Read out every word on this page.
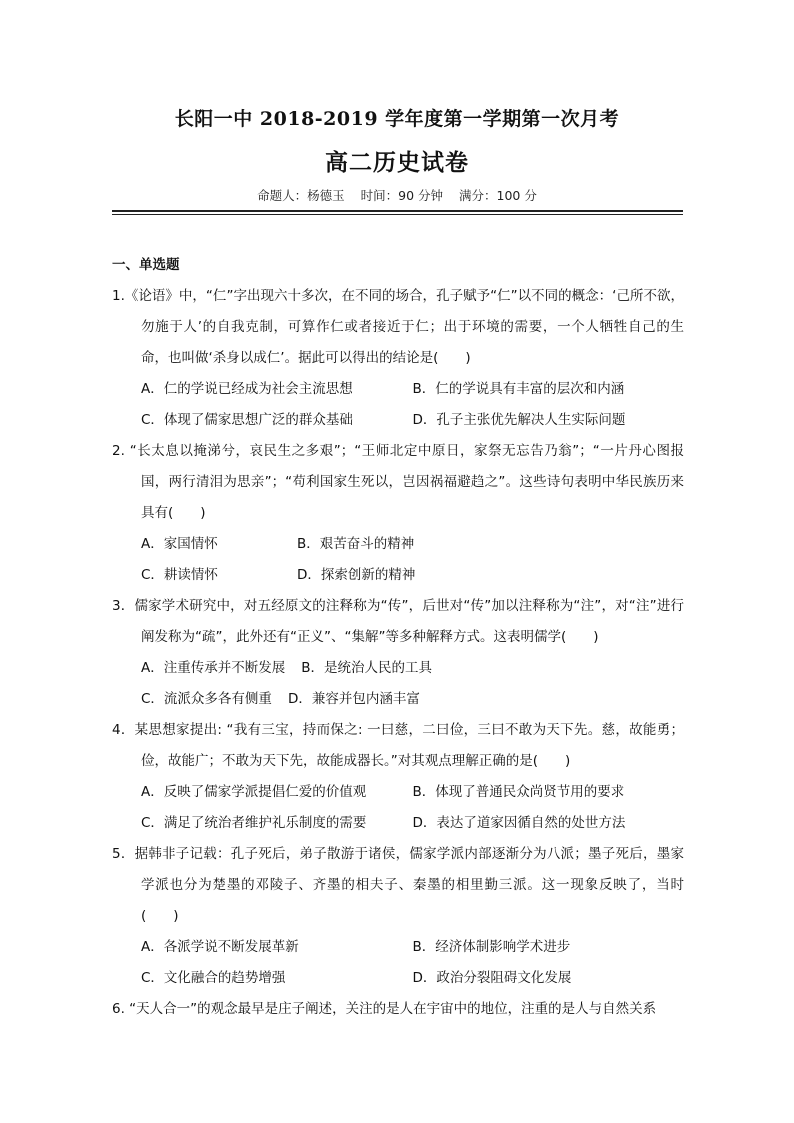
长阳一中 2018-2019 学年度第一学期第一次月考
高二历史试卷
命题人：杨德玉 时间：90 分钟 满分：100 分
一、单选题
1.《论语》中，“仁”字出现六十多次，在不同的场合，孔子赋予“仁”以不同的概念：‘己所不欲，勿施于人’的自我克制，可算作仁或者接近于仁；出于环境的需要，一个人牺牲自己的生命，也叫做‘杀身以成仁’。据此可以得出的结论是(　　)
A．仁的学说已经成为社会主流思想	B．仁的学说具有丰富的层次和内涵
C．体现了儒家思想广泛的群众基础	D．孔子主张优先解决人生实际问题
2. “长太息以掩涕兮，哀民生之多艰”；“王师北定中原日，家祭无忘告乃翁”；“一片丹心图报国，两行清泪为思亲”；“苟利国家生死以，岂因祸福避趋之”。这些诗句表明中华民族历来具有(　　)
A．家国情怀	B．艰苦奋斗的精神
C．耕读情怀	D．探索创新的精神
3．儒家学术研究中，对五经原文的注释称为“传”，后世对“传”加以注释称为“注”，对“注”进行阐发称为“疏”，此外还有“正义”、“集解”等多种解释方式。这表明儒学(　　)
A．注重传承并不断发展 B．是统治人民的工具
C．流派众多各有侧重 D．兼容并包内涵丰富
4．某思想家提出: “我有三宝，持而保之: 一曰慈，二曰俭，三曰不敢为天下先。慈，故能勇；俭，故能广；不敢为天下先，故能成器长。”对其观点理解正确的是(　　)
A．反映了儒家学派提倡仁爱的价值观	B．体现了普通民众尚贤节用的要求
C．满足了统治者维护礼乐制度的需要	D．表达了道家因循自然的处世方法
5．据韩非子记载：孔子死后，弟子散游于诸侯，儒家学派内部逐渐分为八派；墨子死后，墨家学派也分为楚墨的邓陵子、齐墨的相夫子、秦墨的相里勤三派。这一现象反映了，当时(　　)
A．各派学说不断发展革新	B．经济体制影响学术进步
C．文化融合的趋势增强	D．政治分裂阻碍文化发展
6. “天人合一”的观念最早是庄子阐述，关注的是人在宇宙中的地位，注重的是人与自然关系
